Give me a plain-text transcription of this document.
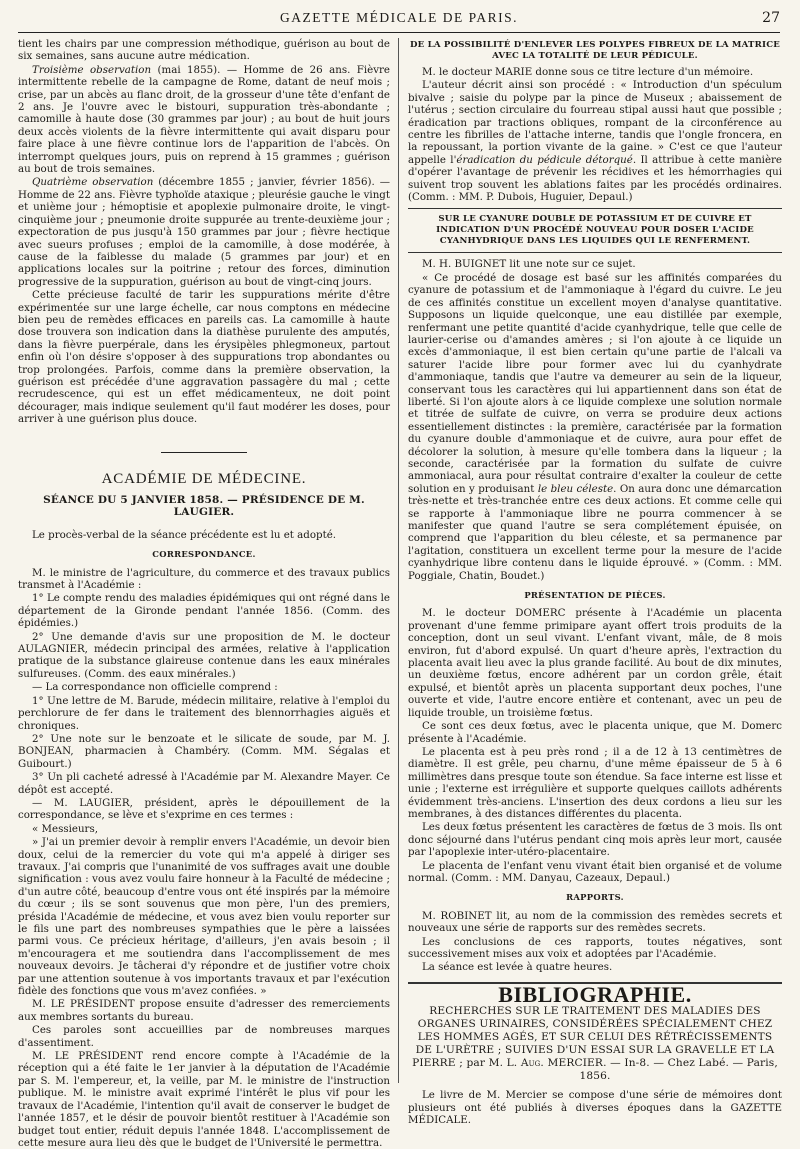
GAZETTE MÉDICALE DE PARIS.	27

tient les chairs par une compression méthodique, guérison au bout de six semaines, sans aucune autre médication.

Troisième observation (mai 1855). — Homme de 26 ans. Fièvre intermittente rebelle de la campagne de Rome, datant de neuf mois ; crise, par un abcès au flanc droit, de la grosseur d'une tête d'enfant de 2 ans. Je l'ouvre avec le bistouri, suppuration très-abondante ; camomille à haute dose (30 grammes par jour) ; au bout de huit jours deux accès violents de la fièvre intermittente qui avait disparu pour faire place à une fièvre continue lors de l'apparition de l'abcès. On interrompt quelques jours, puis on reprend à 15 grammes ; guérison au bout de trois semaines.

Quatrième observation (décembre 1855 ; janvier, février 1856). — Homme de 22 ans. Fièvre typhoïde ataxique ; pleurésie gauche le vingt et unième jour ; hémoptisie et apoplexie pulmonaire droite, le vingt-cinquième jour ; pneumonie droite suppurée au trente-deuxième jour ; expectoration de pus jusqu'à 150 grammes par jour ; fièvre hectique avec sueurs profuses ; emploi de la camomille, à dose modérée, à cause de la faiblesse du malade (5 grammes par jour) et en applications locales sur la poitrine ; retour des forces, diminution progressive de la suppuration, guérison au bout de vingt-cinq jours.

Cette précieuse faculté de tarir les suppurations mérite d'être expérimentée sur une large échelle, car nous comptons en médecine bien peu de remèdes efficaces en pareils cas. La camomille à haute dose trouvera son indication dans la diathèse purulente des amputés, dans la fièvre puerpérale, dans les érysipèles phlegmoneux, partout enfin où l'on désire s'opposer à des suppurations trop abondantes ou trop prolongées. Parfois, comme dans la première observation, la guérison est précédée d'une aggravation passagère du mal ; cette recrudescence, qui est un effet médicamenteux, ne doit point décourager, mais indique seulement qu'il faut modérer les doses, pour arriver à une guérison plus douce.

ACADÉMIE DE MÉDECINE.
SÉANCE DU 5 JANVIER 1858. — PRÉSIDENCE DE M. LAUGIER.

Le procès-verbal de la séance précédente est lu et adopté.

CORRESPONDANCE.

M. le ministre de l'agriculture, du commerce et des travaux publics transmet à l'Académie :

1° Le compte rendu des maladies épidémiques qui ont régné dans le département de la Gironde pendant l'année 1856. (Comm. des épidémies.)

2° Une demande d'avis sur une proposition de M. le docteur AULAGNIER, médecin principal des armées, relative à l'application pratique de la substance glaireuse contenue dans les eaux minérales sulfureuses. (Comm. des eaux minérales.)

— La correspondance non officielle comprend :

1° Une lettre de M. Barude, médecin militaire, relative à l'emploi du perchlorure de fer dans le traitement des blennorrhagies aiguës et chroniques.

2° Une note sur le benzoate et le silicate de soude, par M. J. BONJEAN, pharmacien à Chambéry. (Comm. MM. Ségalas et Guibourt.)

3° Un pli cacheté adressé à l'Académie par M. Alexandre Mayer. Ce dépôt est accepté.

— M. LAUGIER, président, après le dépouillement de la correspondance, se lève et s'exprime en ces termes :

« Messieurs,

» J'ai un premier devoir à remplir envers l'Académie, un devoir bien doux, celui de la remercier du vote qui m'a appelé à diriger ses travaux. J'ai compris que l'unanimité de vos suffrages avait une double signification : vous avez voulu faire honneur à la Faculté de médecine ; d'un autre côté, beaucoup d'entre vous ont été inspirés par la mémoire du cœur ; ils se sont souvenus que mon père, l'un des premiers, présida l'Académie de médecine, et vous avez bien voulu reporter sur le fils une part des nombreuses sympathies que le père a laissées parmi vous. Ce précieux héritage, d'ailleurs, j'en avais besoin ; il m'encouragera et me soutiendra dans l'accomplissement de mes nouveaux devoirs. Je tâcherai d'y répondre et de justifier votre choix par une attention soutenue à vos importants travaux et par l'exécution fidèle des fonctions que vous m'avez confiées. »

M. LE PRÉSIDENT propose ensuite d'adresser des remerciements aux membres sortants du bureau.

Ces paroles sont accueillies par de nombreuses marques d'assentiment.

M. LE PRÉSIDENT rend encore compte à l'Académie de la réception qui a été faite le 1er janvier à la députation de l'Académie par S. M. l'empereur, et, la veille, par M. le ministre de l'instruction publique. M. le ministre avait exprimé l'intérêt le plus vif pour les travaux de l'Académie, l'intention qu'il avait de conserver le budget de l'année 1857, et le désir de pouvoir bientôt restituer à l'Académie son budget tout entier, réduit depuis l'année 1848. L'accomplissement de cette mesure aura lieu dès que le budget de l'Université le permettra.

DE LA POSSIBILITÉ D'ENLEVER LES POLYPES FIBREUX DE LA MATRICE AVEC LA TOTALITÉ DE LEUR PÉDICULE.

M. le docteur MARIE donne sous ce titre lecture d'un mémoire.

L'auteur décrit ainsi son procédé : « Introduction d'un spéculum bivalve ; saisie du polype par la pince de Museux ; abaissement de l'utérus ; section circulaire du fourreau stipal aussi haut que possible ; éradication par tractions obliques, rompant de la circonférence au centre les fibrilles de l'attache interne, tandis que l'ongle froncera, en la repoussant, la portion vivante de la gaine. » C'est ce que l'auteur appelle l'éradication du pédicule détorqué. Il attribue à cette manière d'opérer l'avantage de prévenir les récidives et les hémorrhagies qui suivent trop souvent les ablations faites par les procédés ordinaires. (Comm. : MM. P. Dubois, Huguier, Depaul.)

SUR LE CYANURE DOUBLE DE POTASSIUM ET DE CUIVRE ET INDICATION D'UN PROCÉDÉ NOUVEAU POUR DOSER L'ACIDE CYANHYDRIQUE DANS LES LIQUIDES QUI LE RENFERMENT.

M. H. BUIGNET lit une note sur ce sujet.

« Ce procédé de dosage est basé sur les affinités comparées du cyanure de potassium et de l'ammoniaque à l'égard du cuivre. Le jeu de ces affinités constitue un excellent moyen d'analyse quantitative. Supposons un liquide quelconque, une eau distillée par exemple, renfermant une petite quantité d'acide cyanhydrique, telle que celle de laurier-cerise ou d'amandes amères ; si l'on ajoute à ce liquide un excès d'ammoniaque, il est bien certain qu'une partie de l'alcali va saturer l'acide libre pour former avec lui du cyanhydrate d'ammoniaque, tandis que l'autre va demeurer au sein de la liqueur, conservant tous les caractères qui lui appartiennent dans son état de liberté. Si l'on ajoute alors à ce liquide complexe une solution normale et titrée de sulfate de cuivre, on verra se produire deux actions essentiellement distinctes : la première, caractérisée par la formation du cyanure double d'ammoniaque et de cuivre, aura pour effet de décolorer la solution, à mesure qu'elle tombera dans la liqueur ; la seconde, caractérisée par la formation du sulfate de cuivre ammoniacal, aura pour résultat contraire d'exalter la couleur de cette solution en y produisant le bleu céleste. On aura donc une démarcation très-nette et très-tranchée entre ces deux actions. Et comme celle qui se rapporte à l'ammoniaque libre ne pourra commencer à se manifester que quand l'autre se sera complétement épuisée, on comprend que l'apparition du bleu céleste, et sa permanence par l'agitation, constituera un excellent terme pour la mesure de l'acide cyanhydrique libre contenu dans le liquide éprouvé. » (Comm. : MM. Poggiale, Chatin, Boudet.)

PRÉSENTATION DE PIÈCES.

M. le docteur DOMERC présente à l'Académie un placenta provenant d'une femme primipare ayant offert trois produits de la conception, dont un seul vivant. L'enfant vivant, mâle, de 8 mois environ, fut d'abord expulsé. Un quart d'heure après, l'extraction du placenta avait lieu avec la plus grande facilité. Au bout de dix minutes, un deuxième fœtus, encore adhérent par un cordon grêle, était expulsé, et bientôt après un placenta supportant deux poches, l'une ouverte et vide, l'autre encore entière et contenant, avec un peu de liquide trouble, un troisième fœtus.

Ce sont ces deux fœtus, avec le placenta unique, que M. Domerc présente à l'Académie.

Le placenta est à peu près rond ; il a de 12 à 13 centimètres de diamètre. Il est grêle, peu charnu, d'une même épaisseur de 5 à 6 millimètres dans presque toute son étendue. Sa face interne est lisse et unie ; l'externe est irrégulière et supporte quelques caillots adhérents évidemment très-anciens. L'insertion des deux cordons a lieu sur les membranes, à des distances différentes du placenta.

Les deux fœtus présentent les caractères de fœtus de 3 mois. Ils ont donc séjourné dans l'utérus pendant cinq mois après leur mort, causée par l'apoplexie inter-utéro-placentaire.

Le placenta de l'enfant venu vivant était bien organisé et de volume normal. (Comm. : MM. Danyau, Cazeaux, Depaul.)

RAPPORTS.

M. ROBINET lit, au nom de la commission des remèdes secrets et nouveaux une série de rapports sur des remèdes secrets.

Les conclusions de ces rapports, toutes négatives, sont successivement mises aux voix et adoptées par l'Académie.

La séance est levée à quatre heures.

BIBLIOGRAPHIE.
RECHERCHES SUR LE TRAITEMENT DES MALADIES DES ORGANES URINAIRES, CONSIDÉRÉES SPÉCIALEMENT CHEZ LES HOMMES AGÉS, ET SUR CELUI DES RÉTRÉCISSEMENTS DE L'URÈTRE ; SUIVIES D'UN ESSAI SUR LA GRAVELLE ET LA PIERRE ; par M. L. Aug. MERCIER. — In-8. — Chez Labé. — Paris, 1856.

Le livre de M. Mercier se compose d'une série de mémoires dont plusieurs ont été publiés à diverses époques dans la GAZETTE MÉDICALE.
